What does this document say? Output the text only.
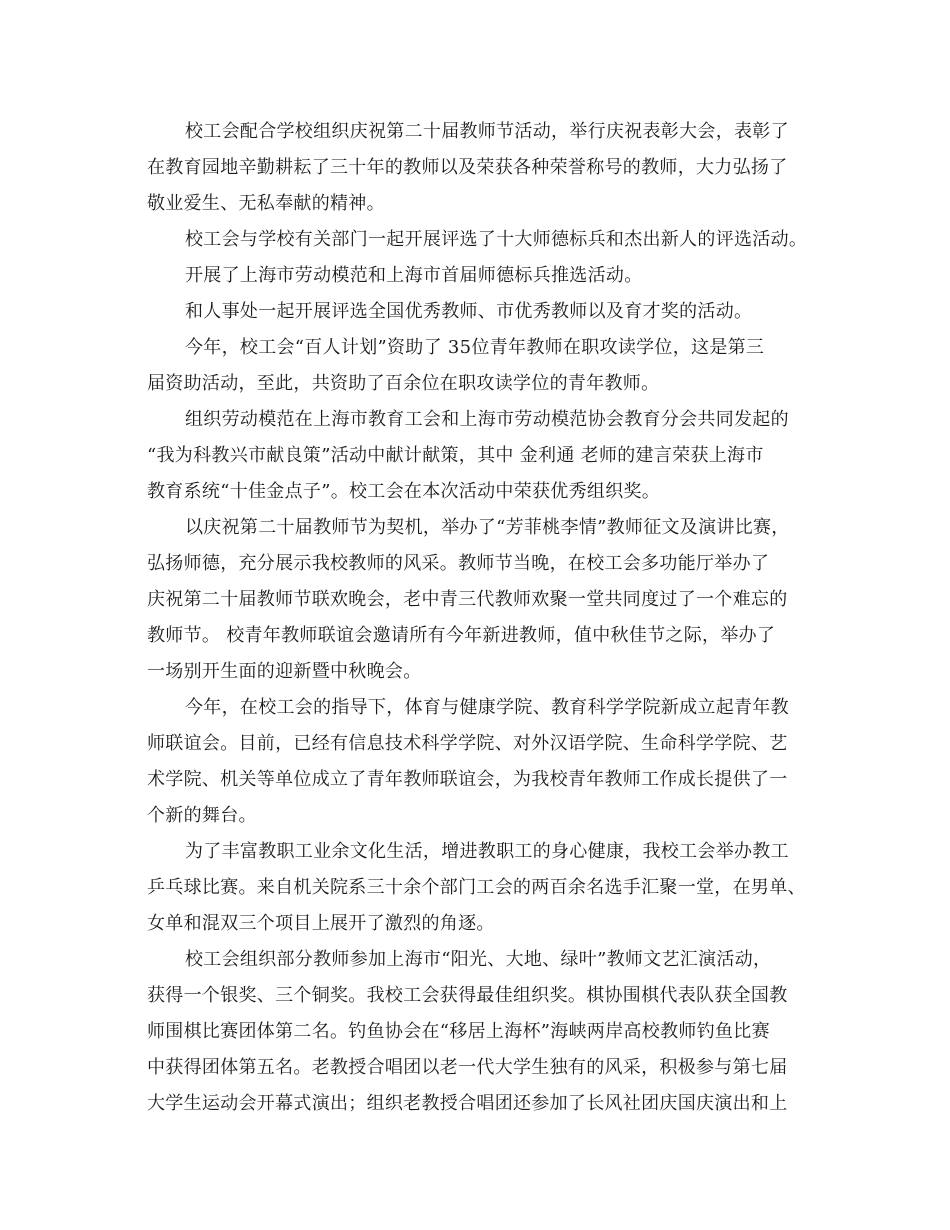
校工会配合学校组织庆祝第二十届教师节活动，举行庆祝表彰大会，表彰了
在教育园地辛勤耕耘了三十年的教师以及荣获各种荣誉称号的教师，大力弘扬了
敬业爱生、无私奉献的精神。
校工会与学校有关部门一起开展评选了十大师德标兵和杰出新人的评选活动。
开展了上海市劳动模范和上海市首届师德标兵推选活动。
和人事处一起开展评选全国优秀教师、市优秀教师以及育才奖的活动。
今年，校工会“百人计划”资助了 35位青年教师在职攻读学位，这是第三
届资助活动，至此，共资助了百余位在职攻读学位的青年教师。
组织劳动模范在上海市教育工会和上海市劳动模范协会教育分会共同发起的
“我为科教兴市献良策”活动中献计献策，其中 金利通 老师的建言荣获上海市
教育系统“十佳金点子”。校工会在本次活动中荣获优秀组织奖。
以庆祝第二十届教师节为契机，举办了“芳菲桃李情”教师征文及演讲比赛，
弘扬师德，充分展示我校教师的风采。教师节当晚，在校工会多功能厅举办了
庆祝第二十届教师节联欢晚会，老中青三代教师欢聚一堂共同度过了一个难忘的
教师节。 校青年教师联谊会邀请所有今年新进教师，值中秋佳节之际，举办了
一场别开生面的迎新暨中秋晚会。
今年，在校工会的指导下，体育与健康学院、教育科学学院新成立起青年教
师联谊会。目前，已经有信息技术科学学院、对外汉语学院、生命科学学院、艺
术学院、机关等单位成立了青年教师联谊会，为我校青年教师工作成长提供了一
个新的舞台。
为了丰富教职工业余文化生活，增进教职工的身心健康，我校工会举办教工
乒乓球比赛。来自机关院系三十余个部门工会的两百余名选手汇聚一堂，在男单、
女单和混双三个项目上展开了激烈的角逐。
校工会组织部分教师参加上海市“阳光、大地、绿叶”教师文艺汇演活动，
获得一个银奖、三个铜奖。我校工会获得最佳组织奖。棋协围棋代表队获全国教
师围棋比赛团体第二名。钓鱼协会在“移居上海杯”海峡两岸高校教师钓鱼比赛
中获得团体第五名。老教授合唱团以老一代大学生独有的风采，积极参与第七届
大学生运动会开幕式演出；组织老教授合唱团还参加了长风社团庆国庆演出和上
